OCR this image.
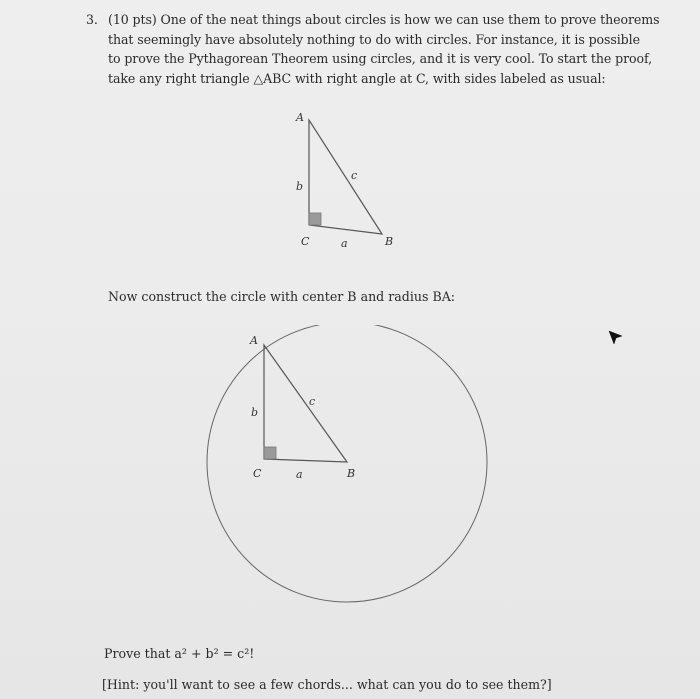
3. (10 pts) One of the neat things about circles is how we can use them to prove theorems
that seemingly have absolutely nothing to do with circles. For instance, it is possible
to prove the Pythagorean Theorem using circles, and it is very cool. To start the proof,
take any right triangle △ABC with right angle at C, with sides labeled as usual:
A
b
c
C	a	B
Now construct the circle with center B and radius BA:
A
b
c
C	a	B
Prove that a² + b² = c²!
[Hint: you'll want to see a few chords... what can you do to see them?]
